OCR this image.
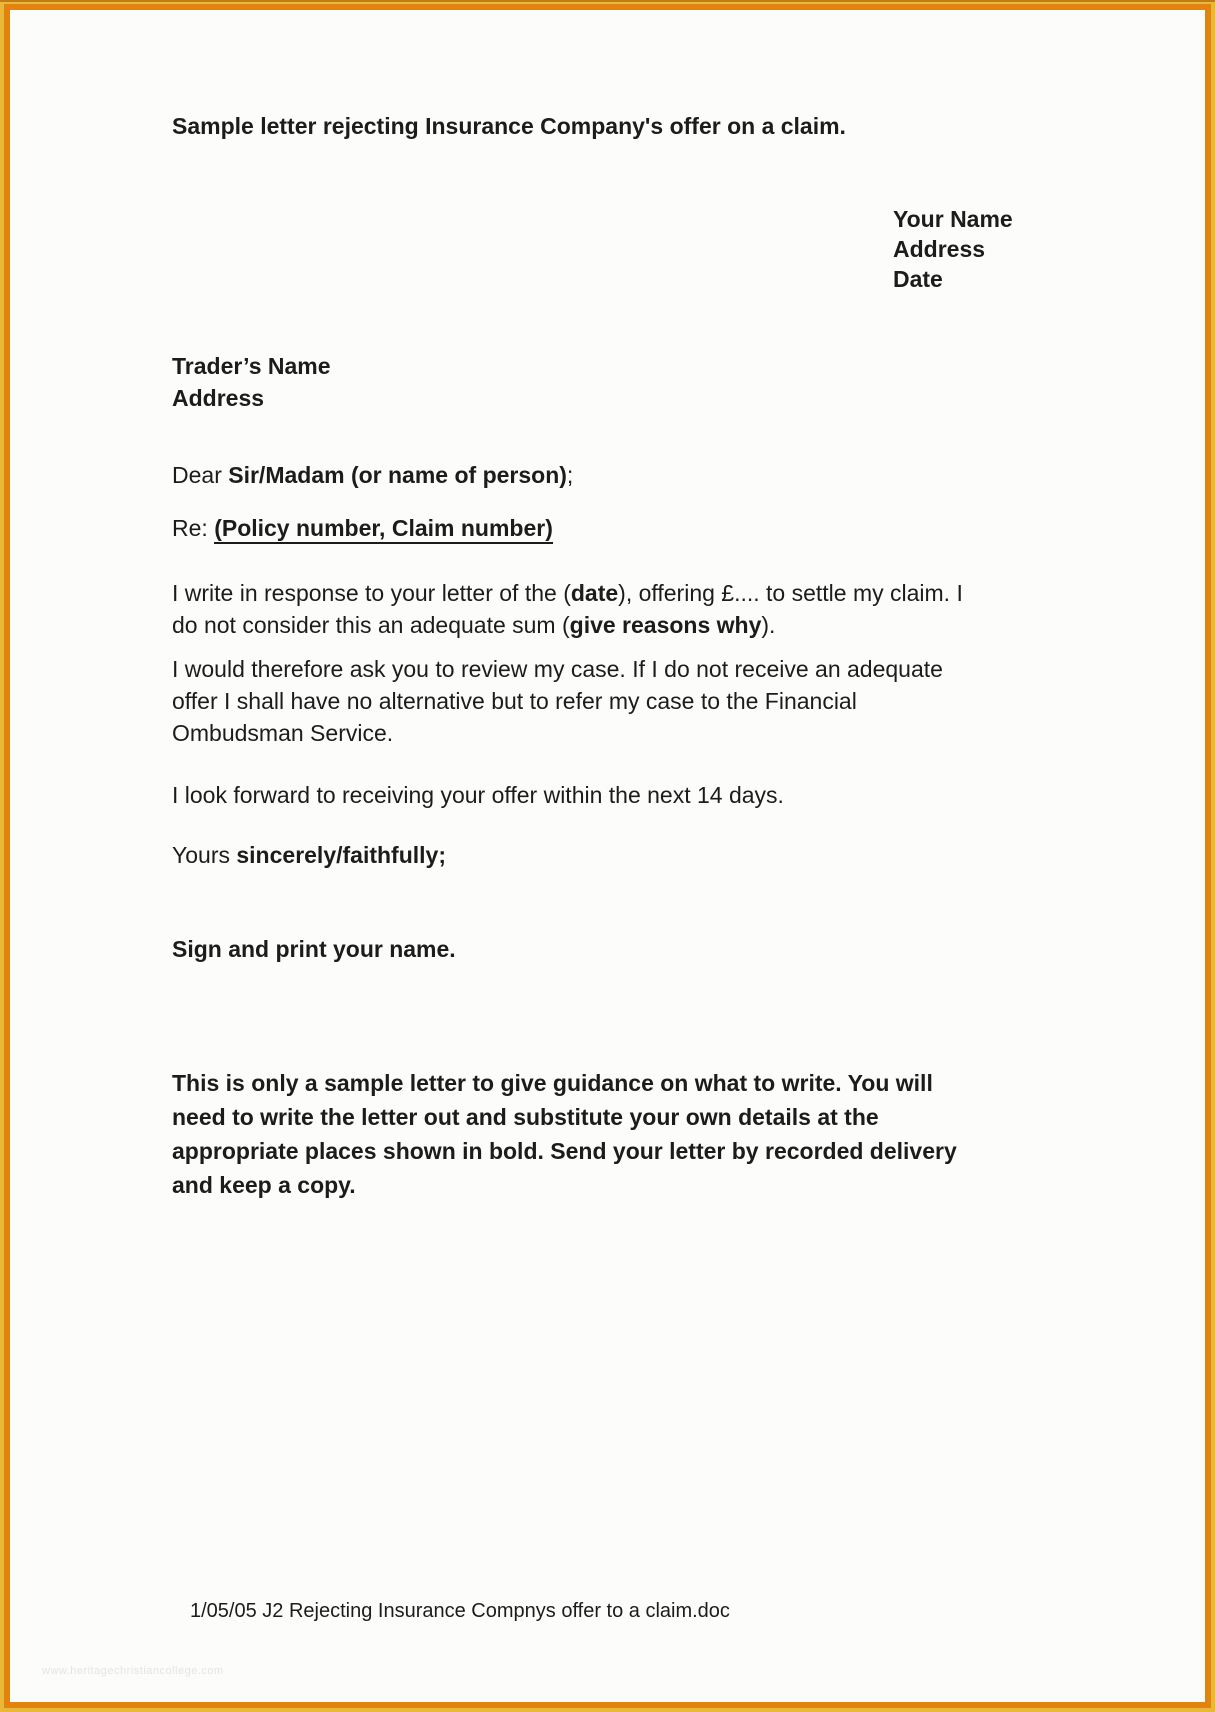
Sample letter rejecting Insurance Company's offer on a claim.
Your Name
Address
Date
Trader’s Name
Address
Dear Sir/Madam (or name of person);
Re: (Policy number, Claim number)
I write in response to your letter of the (date), offering £.... to settle my claim. I
do not consider this an adequate sum (give reasons why).
I would therefore ask you to review my case. If I do not receive an adequate
offer I shall have no alternative but to refer my case to the Financial
Ombudsman Service.
I look forward to receiving your offer within the next 14 days.
Yours sincerely/faithfully;
Sign and print your name.
This is only a sample letter to give guidance on what to write. You will
need to write the letter out and substitute your own details at the
appropriate places shown in bold. Send your letter by recorded delivery
and keep a copy.
1/05/05 J2 Rejecting Insurance Compnys offer to a claim.doc
www.heritagechristiancollege.com
